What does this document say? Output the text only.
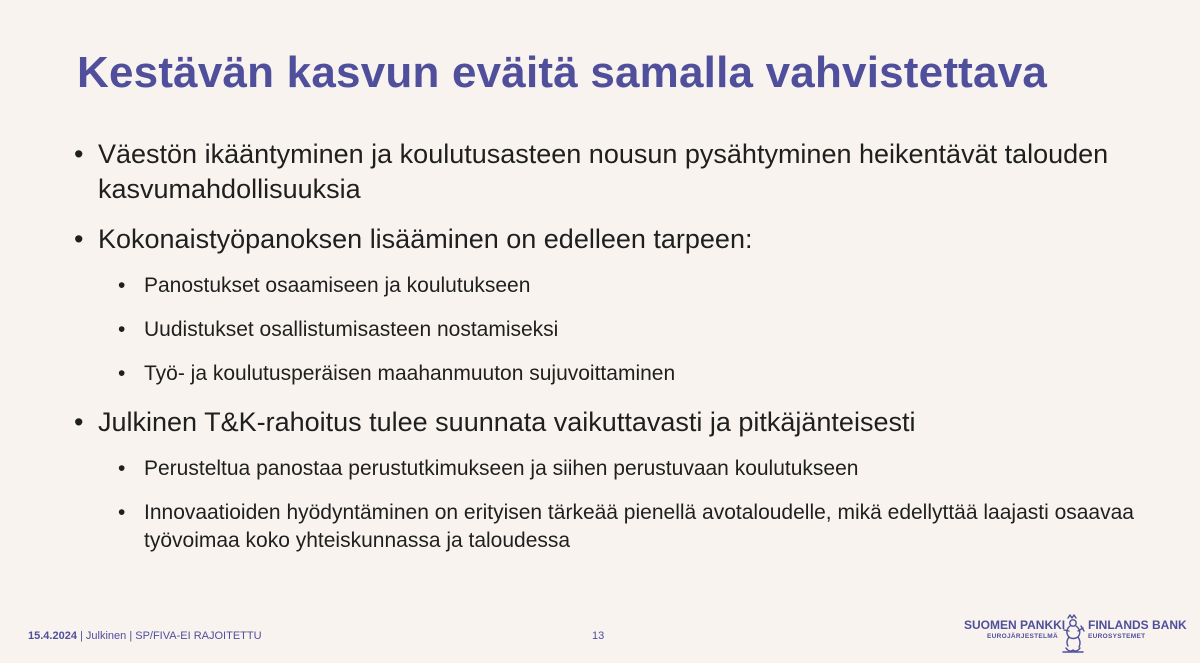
Kestävän kasvun eväitä samalla vahvistettava
• Väestön ikääntyminen ja koulutusasteen nousun pysähtyminen heikentävät talouden kasvumahdollisuuksia
• Kokonaistyöpanoksen lisääminen on edelleen tarpeen:
• Panostukset osaamiseen ja koulutukseen
• Uudistukset osallistumisasteen nostamiseksi
• Työ- ja koulutusperäisen maahanmuuton sujuvoittaminen
• Julkinen T&K-rahoitus tulee suunnata vaikuttavasti ja pitkäjänteisesti
• Perusteltua panostaa perustutkimukseen ja siihen perustuvaan koulutukseen
• Innovaatioiden hyödyntäminen on erityisen tärkeää pienellä avotaloudelle, mikä edellyttää laajasti osaavaa työvoimaa koko yhteiskunnassa ja taloudessa
15.4.2024 | Julkinen | SP/FIVA-EI RAJOITETTU	13
SUOMEN PANKKI
EUROJÄRJESTELMÄ
FINLANDS BANK
EUROSYSTEMET
